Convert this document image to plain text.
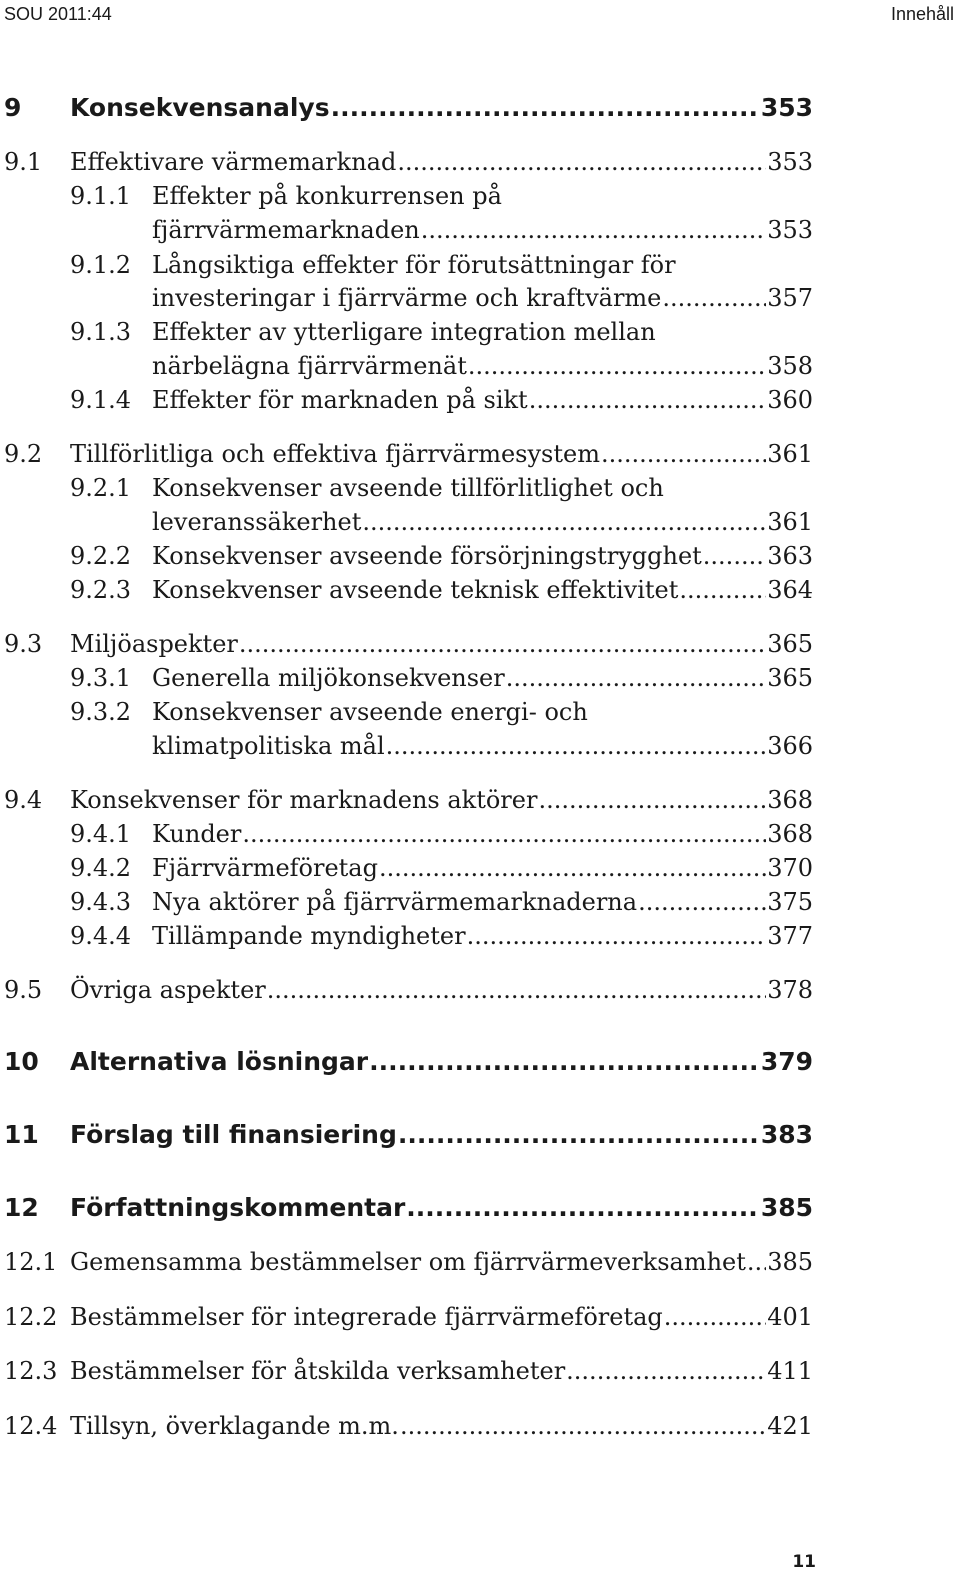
SOU 2011:44	Innehåll
9 Konsekvensanalys .....	353
9.1 Effektivare värmemarknad .....	353
9.1.1 Effekter på konkurrensen på
fjärrvärmemarknaden .....	353
9.1.2 Långsiktiga effekter för förutsättningar för
investeringar i fjärrvärme och kraftvärme .....	357
9.1.3 Effekter av ytterligare integration mellan
närbelägna fjärrvärmenät .....	358
9.1.4 Effekter för marknaden på sikt .....	360
9.2 Tillförlitliga och effektiva fjärrvärmesystem .....	361
9.2.1 Konsekvenser avseende tillförlitlighet och
leveranssäkerhet .....	361
9.2.2 Konsekvenser avseende försörjningstrygghet .....	363
9.2.3 Konsekvenser avseende teknisk effektivitet .....	364
9.3 Miljöaspekter .....	365
9.3.1 Generella miljökonsekvenser .....	365
9.3.2 Konsekvenser avseende energi- och
klimatpolitiska mål .....	366
9.4 Konsekvenser för marknadens aktörer .....	368
9.4.1 Kunder .....	368
9.4.2 Fjärrvärmeföretag .....	370
9.4.3 Nya aktörer på fjärrvärmemarknaderna .....	375
9.4.4 Tillämpande myndigheter .....	377
9.5 Övriga aspekter .....	378
10 Alternativa lösningar .....	379
11 Förslag till finansiering .....	383
12 Författningskommentar .....	385
12.1 Gemensamma bestämmelser om fjärrvärmeverksamhet ..... 385
12.2 Bestämmelser för integrerade fjärrvärmeföretag .....	401
12.3 Bestämmelser för åtskilda verksamheter .....	411
12.4 Tillsyn, överklagande m.m. .....	421
11
